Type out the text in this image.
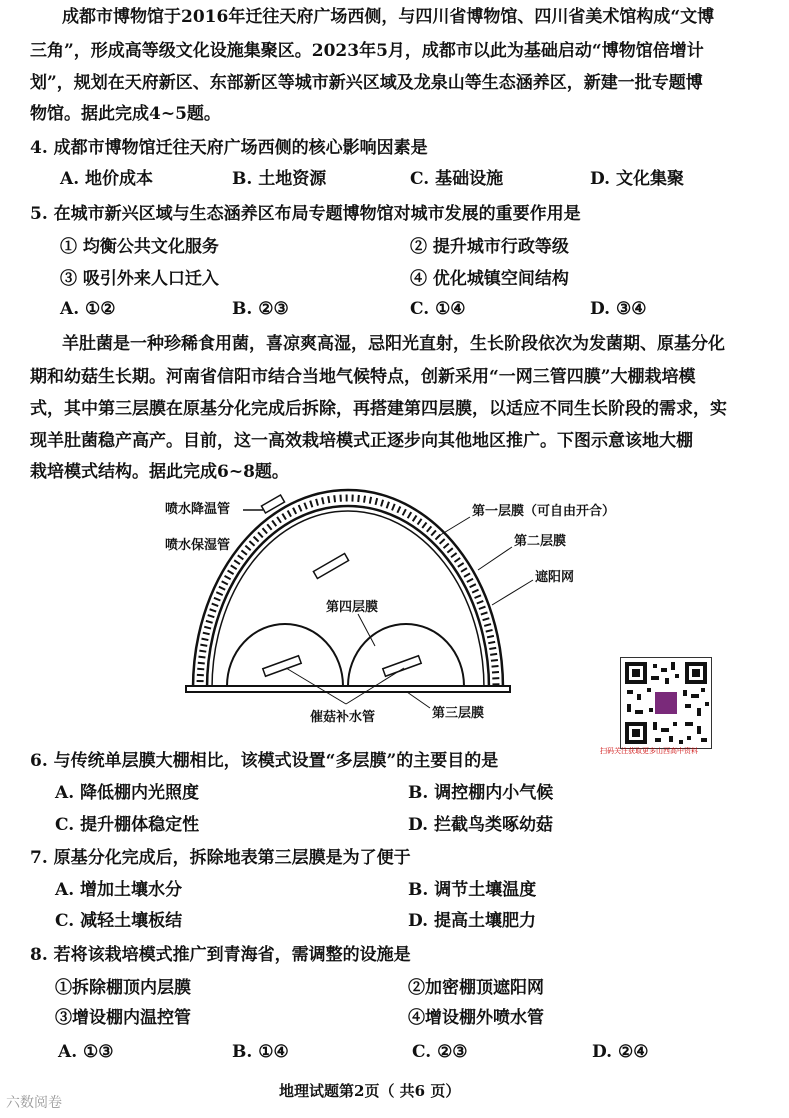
成都市博物馆于2016年迁往天府广场西侧，与四川省博物馆、四川省美术馆构成“文博
三角”，形成高等级文化设施集聚区。2023年5月，成都市以此为基础启动“博物馆倍增计
划”，规划在天府新区、东部新区等城市新兴区域及龙泉山等生态涵养区，新建一批专题博
物馆。据此完成4~5题。
4. 成都市博物馆迁往天府广场西侧的核心影响因素是
A. 地价成本	B. 土地资源	C. 基础设施	D. 文化集聚
5. 在城市新兴区域与生态涵养区布局专题博物馆对城市发展的重要作用是
① 均衡公共文化服务	② 提升城市行政等级
③ 吸引外来人口迁入	④ 优化城镇空间结构
A. ①②	B. ②③	C. ①④	D. ③④
羊肚菌是一种珍稀食用菌，喜凉爽高湿，忌阳光直射，生长阶段依次为发菌期、原基分化
期和幼菇生长期。河南省信阳市结合当地气候特点，创新采用“一网三管四膜”大棚栽培模
式，其中第三层膜在原基分化完成后拆除，再搭建第四层膜，以适应不同生长阶段的需求，实
现羊肚菌稳产高产。目前，这一高效栽培模式正逐步向其他地区推广。下图示意该地大棚
栽培模式结构。据此完成6~8题。
喷水降温管
喷水保湿管
第四层膜
催菇补水管
第一层膜（可自由开合）
第二层膜
遮阳网
第三层膜
扫码关注获取更多山西高中资料
6. 与传统单层膜大棚相比，该模式设置“多层膜”的主要目的是
A. 降低棚内光照度	B. 调控棚内小气候
C. 提升棚体稳定性	D. 拦截鸟类啄幼菇
7. 原基分化完成后，拆除地表第三层膜是为了便于
A. 增加土壤水分	B. 调节土壤温度
C. 减轻土壤板结	D. 提高土壤肥力
8. 若将该栽培模式推广到青海省，需调整的设施是
①拆除棚顶内层膜	②加密棚顶遮阳网
③增设棚内温控管	④增设棚外喷水管
A. ①③	B. ①④	C. ②③	D. ②④
地理试题第2页（ 共6 页）
六数阅卷
